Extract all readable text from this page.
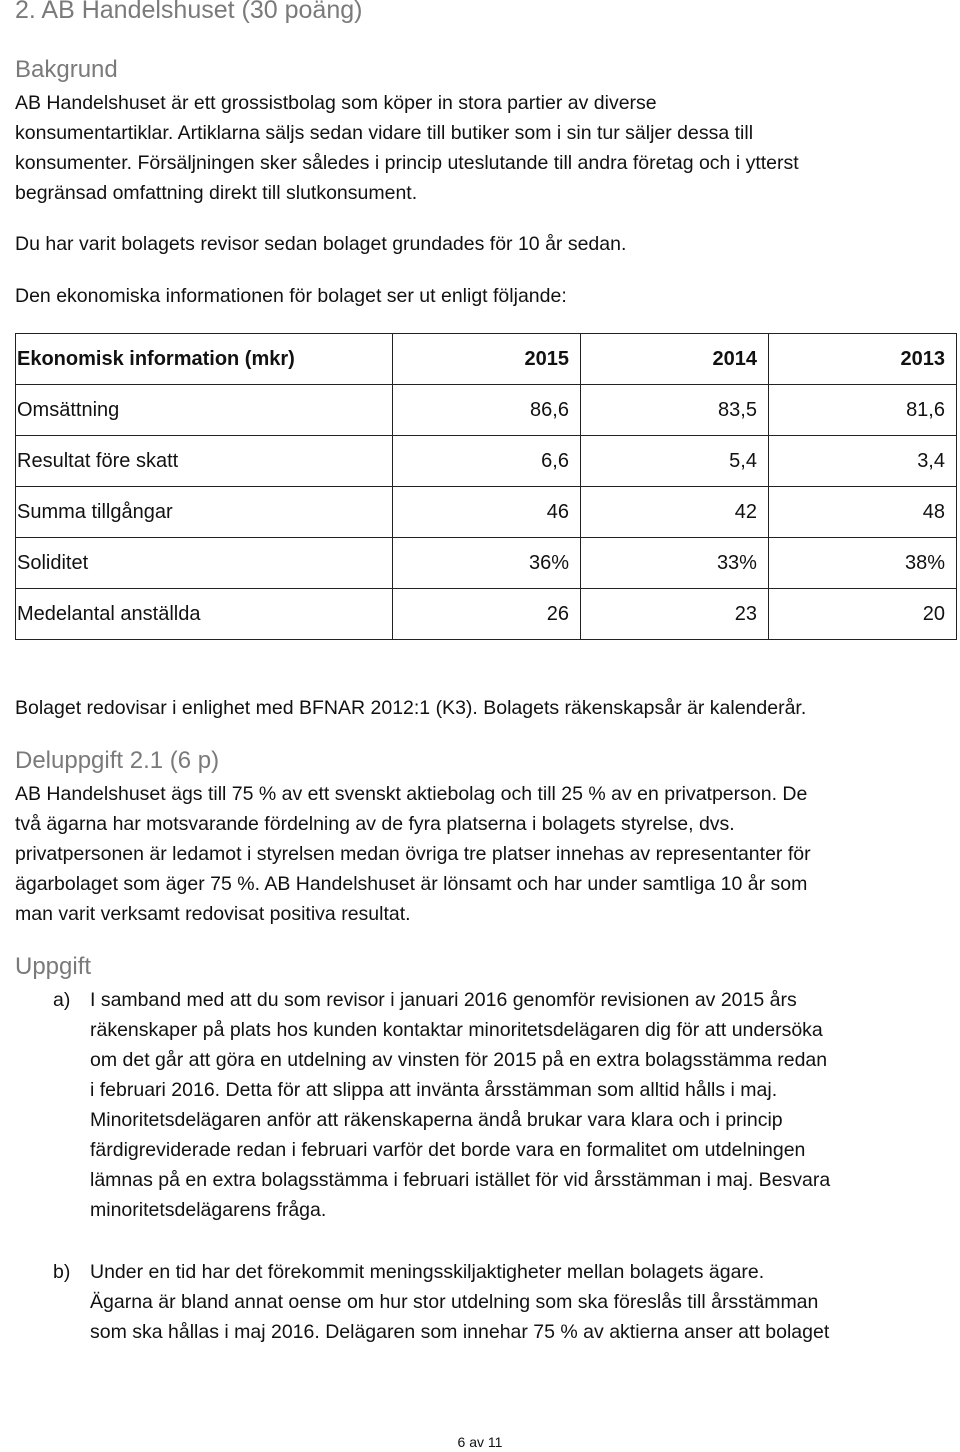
2. AB Handelshuset (30 poäng)
Bakgrund

AB Handelshuset är ett grossistbolag som köper in stora partier av diverse
konsumentartiklar. Artiklarna säljs sedan vidare till butiker som i sin tur säljer dessa till
konsumenter. Försäljningen sker således i princip uteslutande till andra företag och i ytterst
begränsad omfattning direkt till slutkonsument.

Du har varit bolagets revisor sedan bolaget grundades för 10 år sedan.

Den ekonomiska informationen för bolaget ser ut enligt följande:

Ekonomisk information (mkr)	2015	2014	2013
Omsättning	86,6	83,5	81,6
Resultat före skatt	6,6	5,4	3,4
Summa tillgångar	46	42	48
Soliditet	36%	33%	38%
Medelantal anställda	26	23	20

Bolaget redovisar i enlighet med BFNAR 2012:1 (K3). Bolagets räkenskapsår är kalenderår.

Deluppgift 2.1 (6 p)

AB Handelshuset ägs till 75 % av ett svenskt aktiebolag och till 25 % av en privatperson. De
två ägarna har motsvarande fördelning av de fyra platserna i bolagets styrelse, dvs.
privatpersonen är ledamot i styrelsen medan övriga tre platser innehas av representanter för
ägarbolaget som äger 75 %. AB Handelshuset är lönsamt och har under samtliga 10 år som
man varit verksamt redovisat positiva resultat.

Uppgift
a) I samband med att du som revisor i januari 2016 genomför revisionen av 2015 års
räkenskaper på plats hos kunden kontaktar minoritetsdelägaren dig för att undersöka
om det går att göra en utdelning av vinsten för 2015 på en extra bolagsstämma redan
i februari 2016. Detta för att slippa att invänta årsstämman som alltid hålls i maj.
Minoritetsdelägaren anför att räkenskaperna ändå brukar vara klara och i princip
färdigreviderade redan i februari varför det borde vara en formalitet om utdelningen
lämnas på en extra bolagsstämma i februari istället för vid årsstämman i maj. Besvara
minoritetsdelägarens fråga.
b) Under en tid har det förekommit meningsskiljaktigheter mellan bolagets ägare.
Ägarna är bland annat oense om hur stor utdelning som ska föreslås till årsstämman
som ska hållas i maj 2016. Delägaren som innehar 75 % av aktierna anser att bolaget
6 av 11
